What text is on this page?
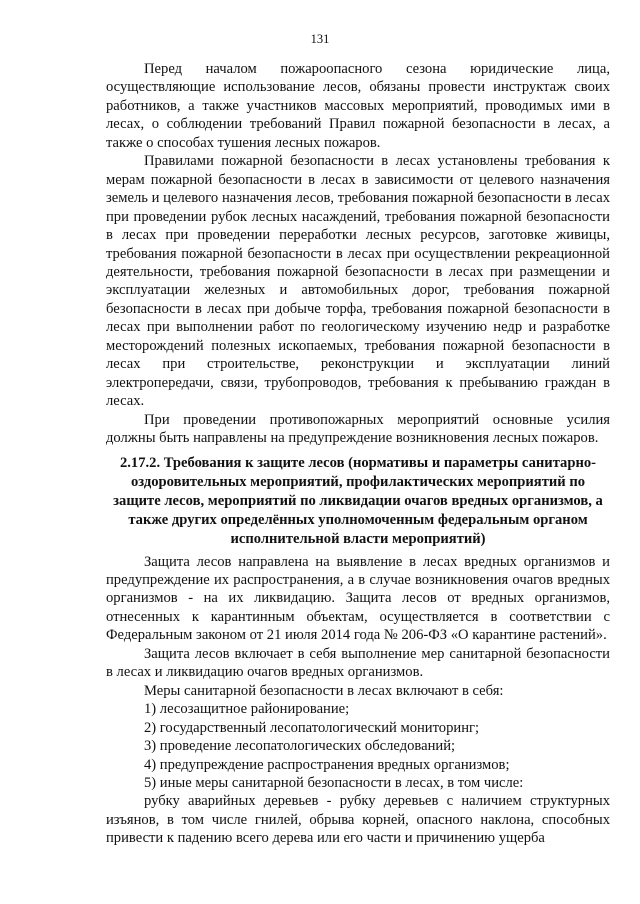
131

Перед началом пожароопасного сезона юридические лица, осуществляющие использование лесов, обязаны провести инструктаж своих работников, а также участников массовых мероприятий, проводимых ими в лесах, о соблюдении требований Правил пожарной безопасности в лесах, а также о способах тушения лесных пожаров.

Правилами пожарной безопасности в лесах установлены требования к мерам пожарной безопасности в лесах в зависимости от целевого назначения земель и целевого назначения лесов, требования пожарной безопасности в лесах при проведении рубок лесных насаждений, требования пожарной безопасности в лесах при проведении переработки лесных ресурсов, заготовке живицы, требования пожарной безопасности в лесах при осуществлении рекреационной деятельности, требования пожарной безопасности в лесах при размещении и эксплуатации железных и автомобильных дорог, требования пожарной безопасности в лесах при добыче торфа, требования пожарной безопасности в лесах при выполнении работ по геологическому изучению недр и разработке месторождений полезных ископаемых, требования пожарной безопасности в лесах при строительстве, реконструкции и эксплуатации линий электропередачи, связи, трубопроводов, требования к пребыванию граждан в лесах.

При проведении противопожарных мероприятий основные усилия должны быть направлены на предупреждение возникновения лесных пожаров.

2.17.2. Требования к защите лесов (нормативы и параметры санитарно-оздоровительных мероприятий, профилактических мероприятий по защите лесов, мероприятий по ликвидации очагов вредных организмов, а также других определённых уполномоченным федеральным органом исполнительной власти мероприятий)

Защита лесов направлена на выявление в лесах вредных организмов и предупреждение их распространения, а в случае возникновения очагов вредных организмов - на их ликвидацию. Защита лесов от вредных организмов, отнесенных к карантинным объектам, осуществляется в соответствии с Федеральным законом от 21 июля 2014 года № 206-ФЗ «О карантине растений».

Защита лесов включает в себя выполнение мер санитарной безопасности в лесах и ликвидацию очагов вредных организмов.

Меры санитарной безопасности в лесах включают в себя:

1) лесозащитное районирование;
2) государственный лесопатологический мониторинг;
3) проведение лесопатологических обследований;
4) предупреждение распространения вредных организмов;
5) иные меры санитарной безопасности в лесах, в том числе:

рубку аварийных деревьев - рубку деревьев с наличием структурных изъянов, в том числе гнилей, обрыва корней, опасного наклона, способных привести к падению всего дерева или его части и причинению ущерба
